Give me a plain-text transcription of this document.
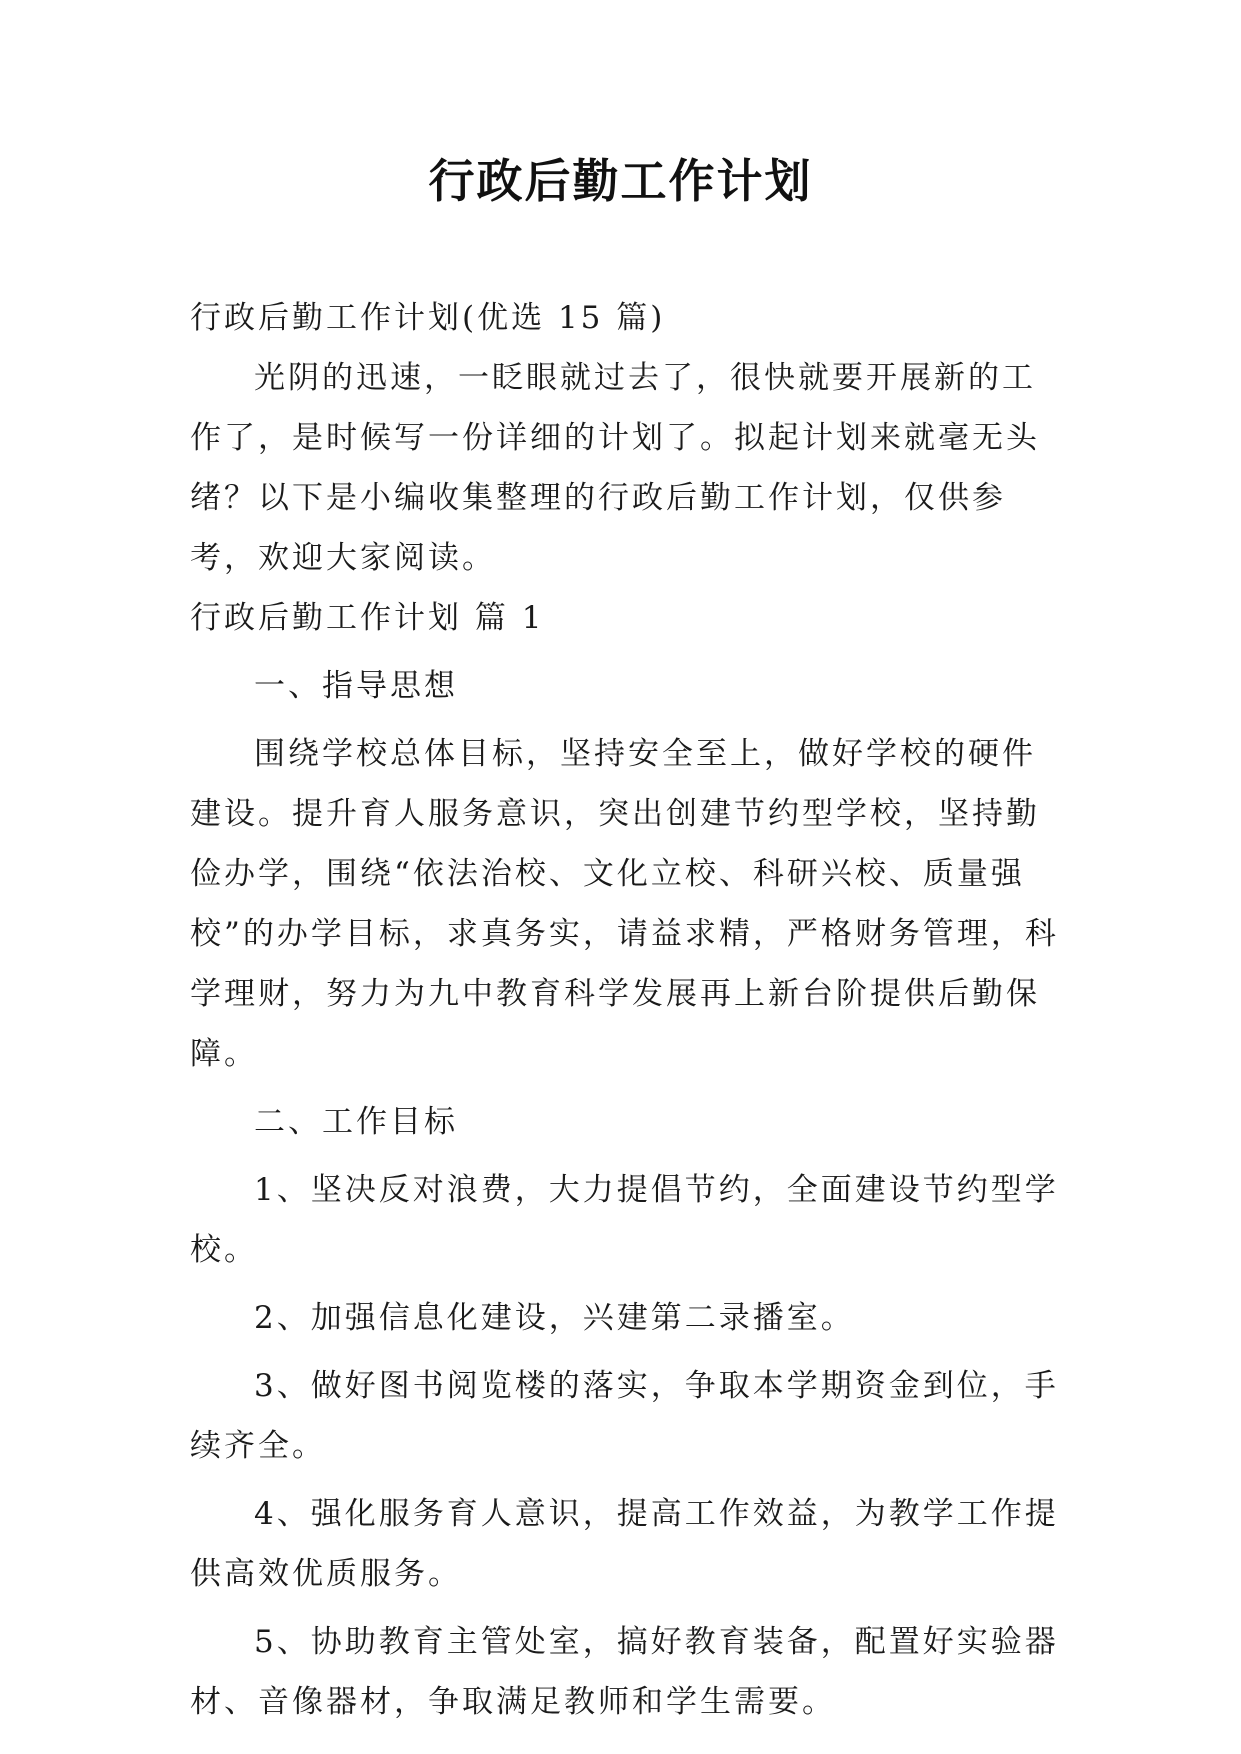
行政后勤工作计划

行政后勤工作计划(优选 15 篇)

光阴的迅速，一眨眼就过去了，很快就要开展新的工作了，是时候写一份详细的计划了。拟起计划来就毫无头绪？以下是小编收集整理的行政后勤工作计划，仅供参考，欢迎大家阅读。

行政后勤工作计划 篇 1

一、指导思想

围绕学校总体目标，坚持安全至上，做好学校的硬件建设。提升育人服务意识，突出创建节约型学校，坚持勤俭办学，围绕“依法治校、文化立校、科研兴校、质量强校”的办学目标，求真务实，请益求精，严格财务管理，科学理财，努力为九中教育科学发展再上新台阶提供后勤保障。

二、工作目标

1、坚决反对浪费，大力提倡节约，全面建设节约型学校。

2、加强信息化建设，兴建第二录播室。

3、做好图书阅览楼的落实，争取本学期资金到位，手续齐全。

4、强化服务育人意识，提高工作效益，为教学工作提供高效优质服务。

5、协助教育主管处室，搞好教育装备，配置好实验器材、音像器材，争取满足教师和学生需要。
